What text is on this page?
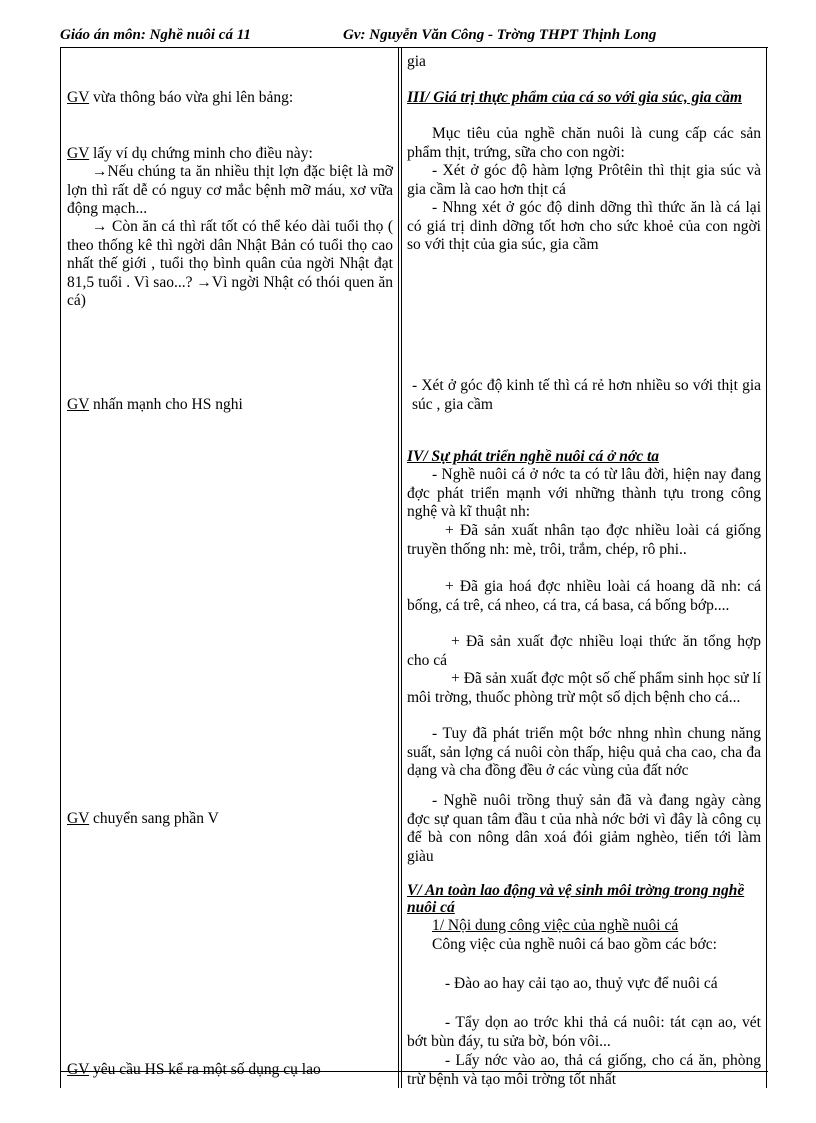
Giáo án môn: Nghề nuôi cá 11	Gv: Nguyễn Văn Công - Trờng THPT Thịnh Long
GV vừa thông báo vừa ghi lên bảng:
GV lấy ví dụ chứng minh cho điều này:
→Nếu chúng ta ăn nhiều thịt lợn đặc biệt là mỡ lợn thì rất dễ có nguy cơ mắc bệnh mỡ máu, xơ vữa động mạch...
→ Còn ăn cá thì rất tốt có thể kéo dài tuổi thọ ( theo thống kê thì ngời dân Nhật Bản có tuổi thọ cao nhất thế giới , tuổi thọ bình quân của ngời Nhật đạt 81,5 tuổi . Vì sao...? →Vì ngời Nhật có thói quen ăn cá)
GV nhấn mạnh cho HS nghi
GV chuyển sang phần V
GV yêu cầu HS kể ra một số dụng cụ lao
gia
III/ Giá trị thực phẩm của cá so với gia súc, gia cầm
Mục tiêu của nghề chăn nuôi là cung cấp các sản phẩm thịt, trứng, sữa cho con ngời:
- Xét ở góc độ hàm lợng Prôtêin thì thịt gia súc và gia cầm là cao hơn thịt cá
- Nhng xét ở góc độ dinh dỡng thì thức ăn là cá lại có giá trị dinh dỡng tốt hơn cho sức khoẻ của con ngời so với thịt của gia súc, gia cầm
- Xét ở góc độ kinh tế thì cá rẻ hơn nhiều so với thịt gia súc , gia cầm
IV/ Sự phát triển nghề nuôi cá ở nớc ta
- Nghề nuôi cá ở nớc ta có từ lâu đời, hiện nay đang đợc phát triển mạnh với những thành tựu trong công nghệ và kĩ thuật nh:
+ Đã sản xuất nhân tạo đợc nhiều loài cá giống truyền thống nh: mè, trôi, trắm, chép, rô phi..
+ Đã gia hoá đợc nhiều loài cá hoang dã nh: cá bống, cá trê, cá nheo, cá tra, cá basa, cá bống bớp....
+ Đã sản xuất đợc nhiều loại thức ăn tổng hợp cho cá
+ Đã sản xuất đợc một số chế phẩm sinh học sử lí môi trờng, thuốc phòng trừ một số dịch bệnh cho cá...
- Tuy đã phát triển một bớc nhng nhìn chung năng suất, sản lợng cá nuôi còn thấp, hiệu quả cha cao, cha đa dạng và cha đồng đều ở các vùng của đất nớc
- Nghề nuôi trồng thuỷ sản đã và đang ngày càng đợc sự quan tâm đầu t của nhà nớc bởi vì đây là công cụ để bà con nông dân xoá đói giảm nghèo, tiến tới làm giàu
V/ An toàn lao động và vệ sinh môi trờng trong nghề nuôi cá
1/ Nội dung công việc của nghề nuôi cá
Công việc của nghề nuôi cá bao gồm các bớc:
- Đào ao hay cải tạo ao, thuỷ vực để nuôi cá
- Tẩy dọn ao trớc khi thả cá nuôi: tát cạn ao, vét bớt bùn đáy, tu sửa bờ, bón vôi...
- Lấy nớc vào ao, thả cá giống, cho cá ăn, phòng trừ bệnh và tạo môi trờng tốt nhất
